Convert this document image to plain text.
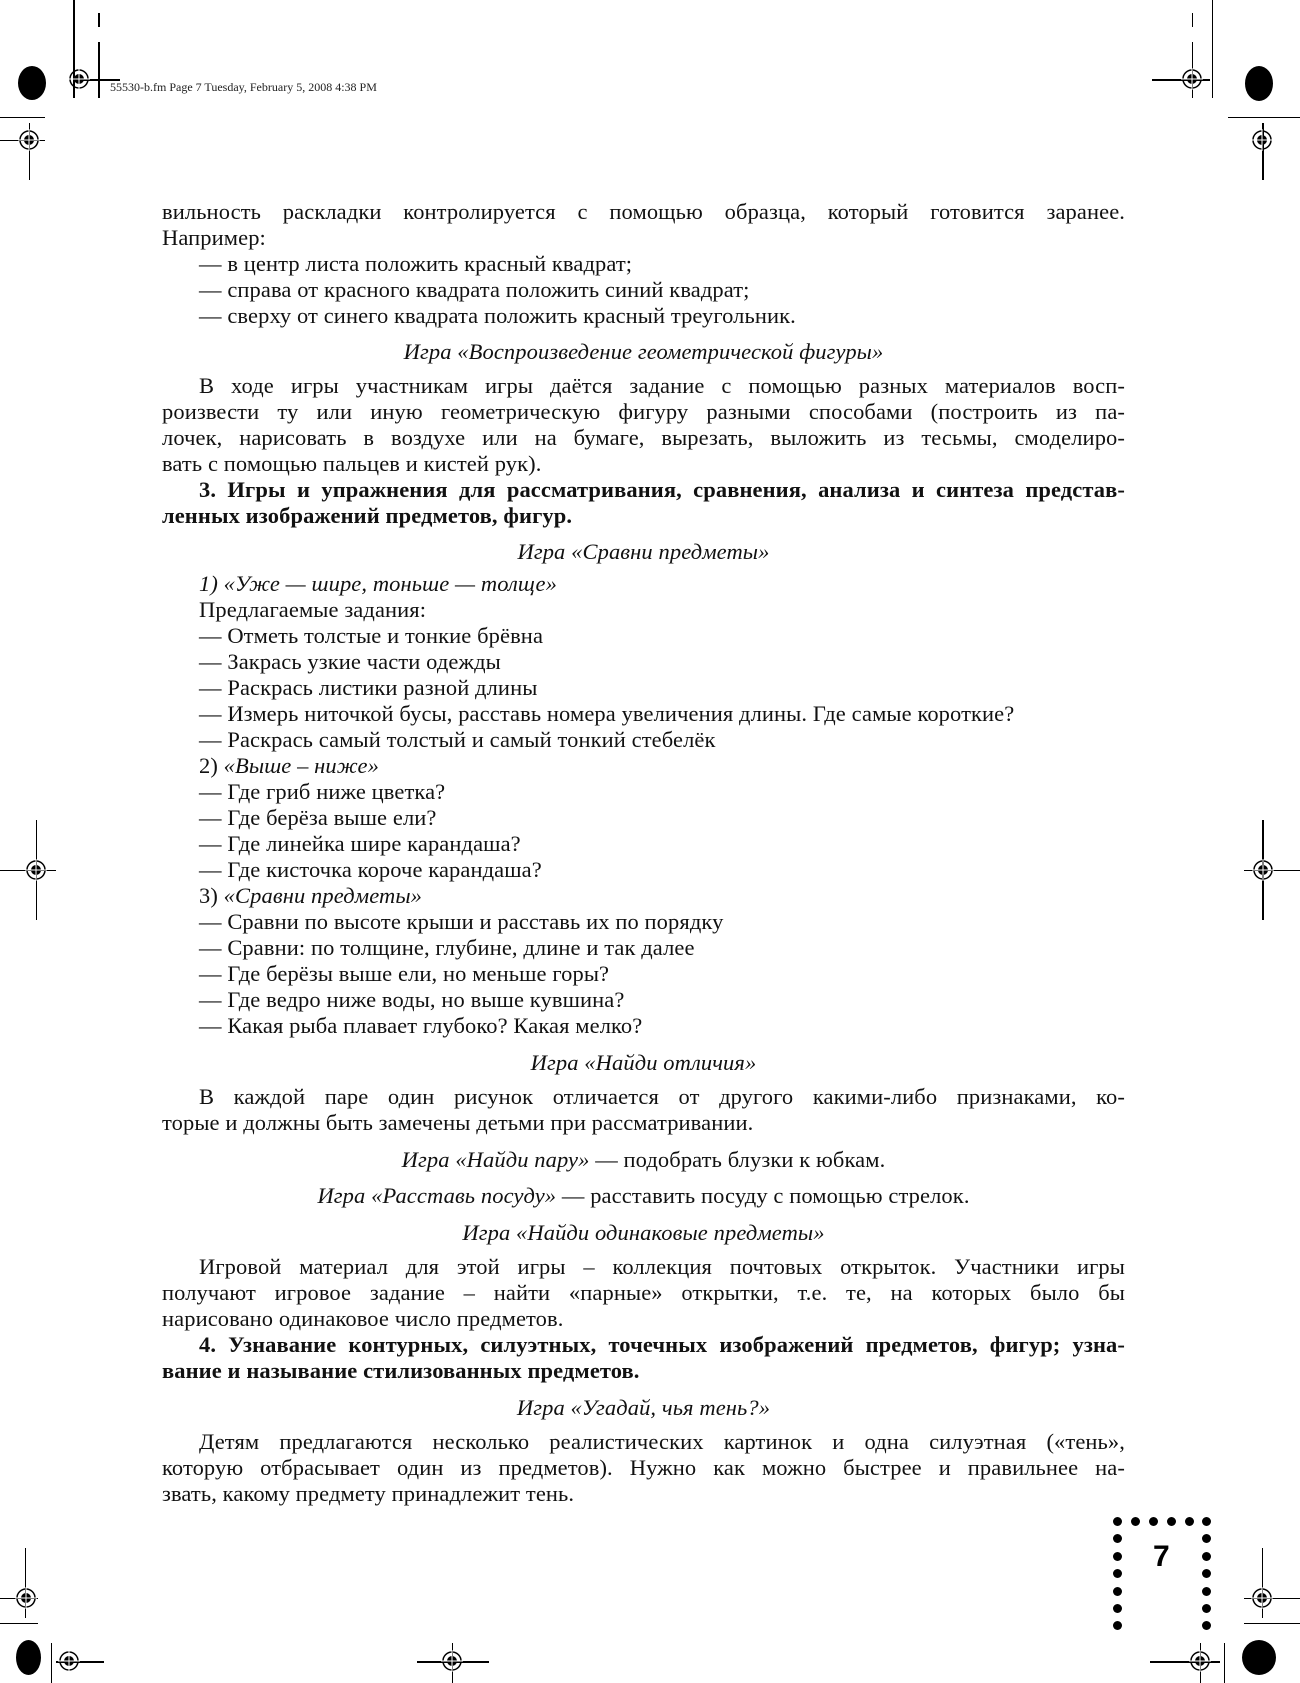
55530-b.fm Page 7 Tuesday, February 5, 2008 4:38 PM
вильность раскладки контролируется с помощью образца, который готовится заранее.
Например:
— в центр листа положить красный квадрат;
— справа от красного квадрата положить синий квадрат;
— сверху от синего квадрата положить красный треугольник.
Игра «Воспроизведение геометрической фигуры»
В ходе игры участникам игры даётся задание с помощью разных материалов восп-
роизвести ту или иную геометрическую фигуру разными способами (построить из па-
лочек, нарисовать в воздухе или на бумаге, вырезать, выложить из тесьмы, смоделиро-
вать с помощью пальцев и кистей рук).
3. Игры и упражнения для рассматривания, сравнения, анализа и синтеза представ-
ленных изображений предметов, фигур.
Игра «Сравни предметы»
1) «Уже — шире, тоньше — толще»
Предлагаемые задания:
— Отметь толстые и тонкие брёвна
— Закрась узкие части одежды
— Раскрась листики разной длины
— Измерь ниточкой бусы, расставь номера увеличения длины. Где самые короткие?
— Раскрась самый толстый и самый тонкий стебелёк
2) «Выше – ниже»
— Где гриб ниже цветка?
— Где берёза выше ели?
— Где линейка шире карандаша?
— Где кисточка короче карандаша?
3) «Сравни предметы»
— Сравни по высоте крыши и расставь их по порядку
— Сравни: по толщине, глубине, длине и так далее
— Где берёзы выше ели, но меньше горы?
— Где ведро ниже воды, но выше кувшина?
— Какая рыба плавает глубоко? Какая мелко?
Игра «Найди отличия»
В каждой паре один рисунок отличается от другого какими-либо признаками, ко-
торые и должны быть замечены детьми при рассматривании.
Игра «Найди пару» — подобрать блузки к юбкам.
Игра «Расставь посуду» — расставить посуду с помощью стрелок.
Игра «Найди одинаковые предметы»
Игровой материал для этой игры – коллекция почтовых открыток. Участники игры
получают игровое задание – найти «парные» открытки, т.е. те, на которых было бы
нарисовано одинаковое число предметов.
4. Узнавание контурных, силуэтных, точечных изображений предметов, фигур; узна-
вание и называние стилизованных предметов.
Игра «Угадай, чья тень?»
Детям предлагаются несколько реалистических картинок и одна силуэтная («тень»,
которую отбрасывает один из предметов). Нужно как можно быстрее и правильнее на-
звать, какому предмету принадлежит тень.
7
